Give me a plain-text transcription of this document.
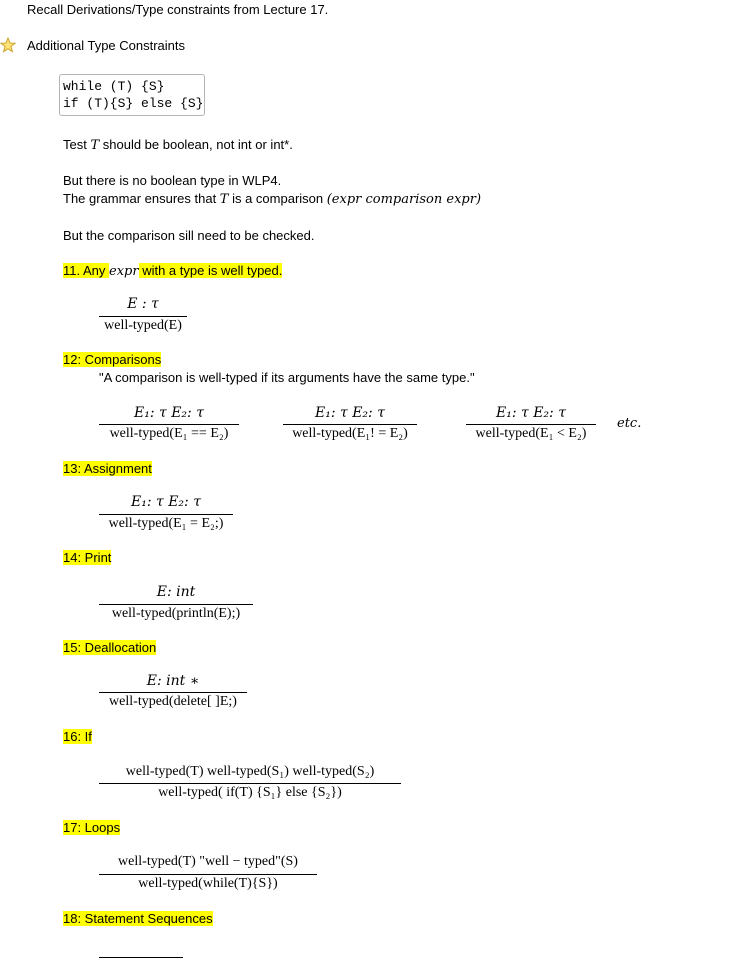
Recall Derivations/Type constraints from Lecture 17.
Additional Type Constraints
while (T) {S}
if (T){S} else {S}
Test T should be boolean, not int or int*.
But there is no boolean type in WLP4.
The grammar ensures that T is a comparison (expr comparison expr)
But the comparison sill need to be checked.
11. Any expr with a type is well typed.
E : τ
well-typed(E)
12: Comparisons
"A comparison is well-typed if its arguments have the same type."
E₁: τ E₂: τ
well-typed(E₁ == E₂)
E₁: τ E₂: τ
well-typed(E₁! = E₂)
E₁: τ E₂: τ
well-typed(E₁ < E₂)
etc.
13: Assignment
E₁: τ E₂: τ
well-typed(E₁ = E₂;)
14: Print
E: int
well-typed(println(E);)
15: Deallocation
E: int ∗
well-typed(delete[ ]E;)
16: If
well-typed(T) well-typed(S₁) well-typed(S₂)
well-typed( if(T) {S₁} else {S₂})
17: Loops
well-typed(T) "well − typed"(S)
well-typed(while(T){S})
18: Statement Sequences
